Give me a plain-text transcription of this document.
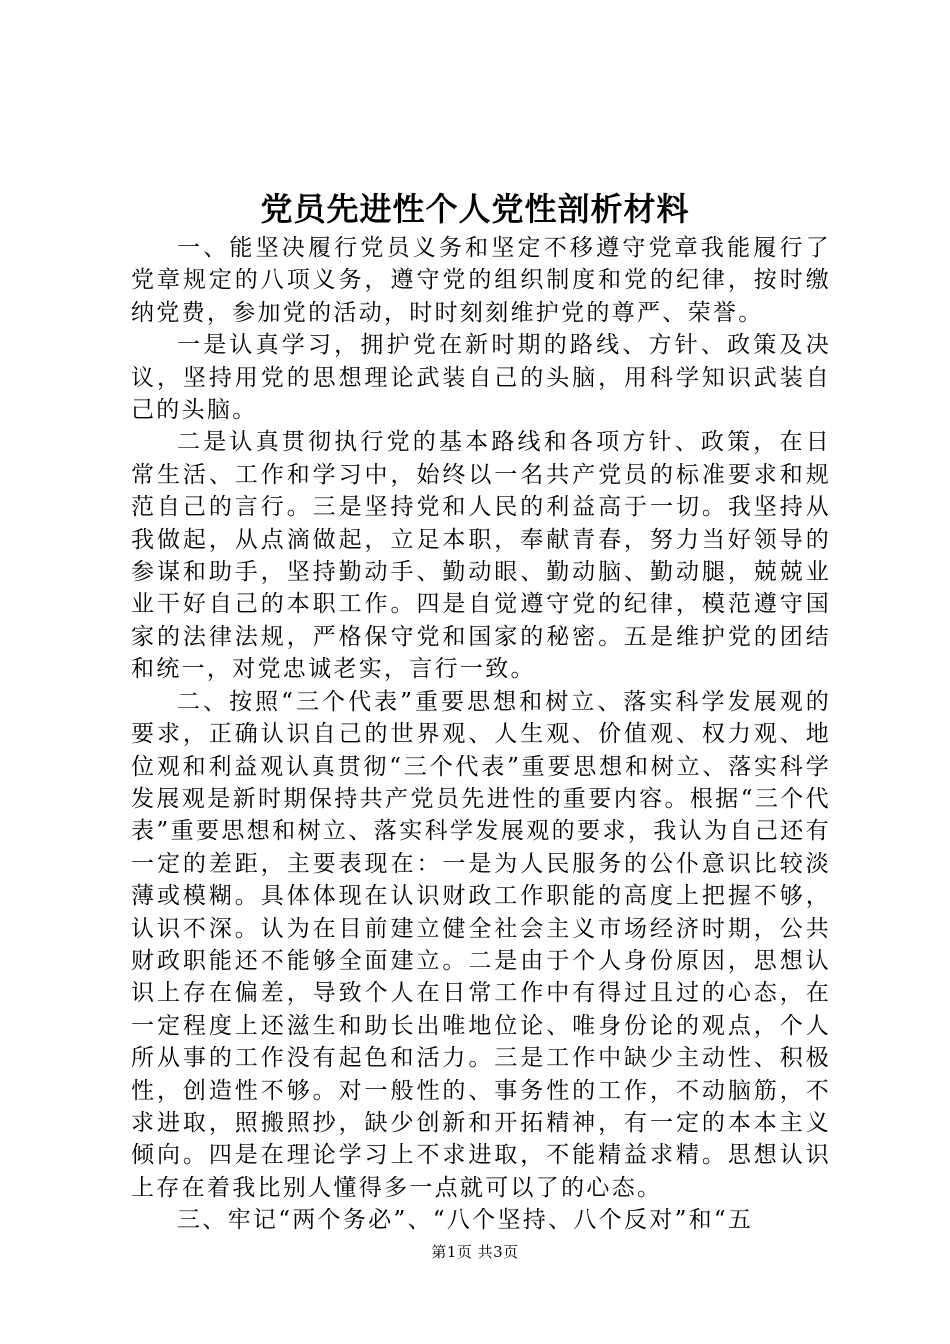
党员先进性个人党性剖析材料

一、能坚决履行党员义务和坚定不移遵守党章我能履行了党章规定的八项义务，遵守党的组织制度和党的纪律，按时缴纳党费，参加党的活动，时时刻刻维护党的尊严、荣誉。

一是认真学习，拥护党在新时期的路线、方针、政策及决议，坚持用党的思想理论武装自己的头脑，用科学知识武装自己的头脑。

二是认真贯彻执行党的基本路线和各项方针、政策，在日常生活、工作和学习中，始终以一名共产党员的标准要求和规范自己的言行。三是坚持党和人民的利益高于一切。我坚持从我做起，从点滴做起，立足本职，奉献青春，努力当好领导的参谋和助手，坚持勤动手、勤动眼、勤动脑、勤动腿，兢兢业业干好自己的本职工作。四是自觉遵守党的纪律，模范遵守国家的法律法规，严格保守党和国家的秘密。五是维护党的团结和统一，对党忠诚老实，言行一致。

二、按照“三个代表”重要思想和树立、落实科学发展观的要求，正确认识自己的世界观、人生观、价值观、权力观、地位观和利益观认真贯彻“三个代表”重要思想和树立、落实科学发展观是新时期保持共产党员先进性的重要内容。根据“三个代表”重要思想和树立、落实科学发展观的要求，我认为自己还有一定的差距，主要表现在：一是为人民服务的公仆意识比较淡薄或模糊。具体体现在认识财政工作职能的高度上把握不够，认识不深。认为在目前建立健全社会主义市场经济时期，公共财政职能还不能够全面建立。二是由于个人身份原因，思想认识上存在偏差，导致个人在日常工作中有得过且过的心态，在一定程度上还滋生和助长出唯地位论、唯身份论的观点，个人所从事的工作没有起色和活力。三是工作中缺少主动性、积极性，创造性不够。对一般性的、事务性的工作，不动脑筋，不求进取，照搬照抄，缺少创新和开拓精神，有一定的本本主义倾向。四是在理论学习上不求进取，不能精益求精。思想认识上存在着我比别人懂得多一点就可以了的心态。

三、牢记“两个务必”、“八个坚持、八个反对”和“五

第1页 共3页
